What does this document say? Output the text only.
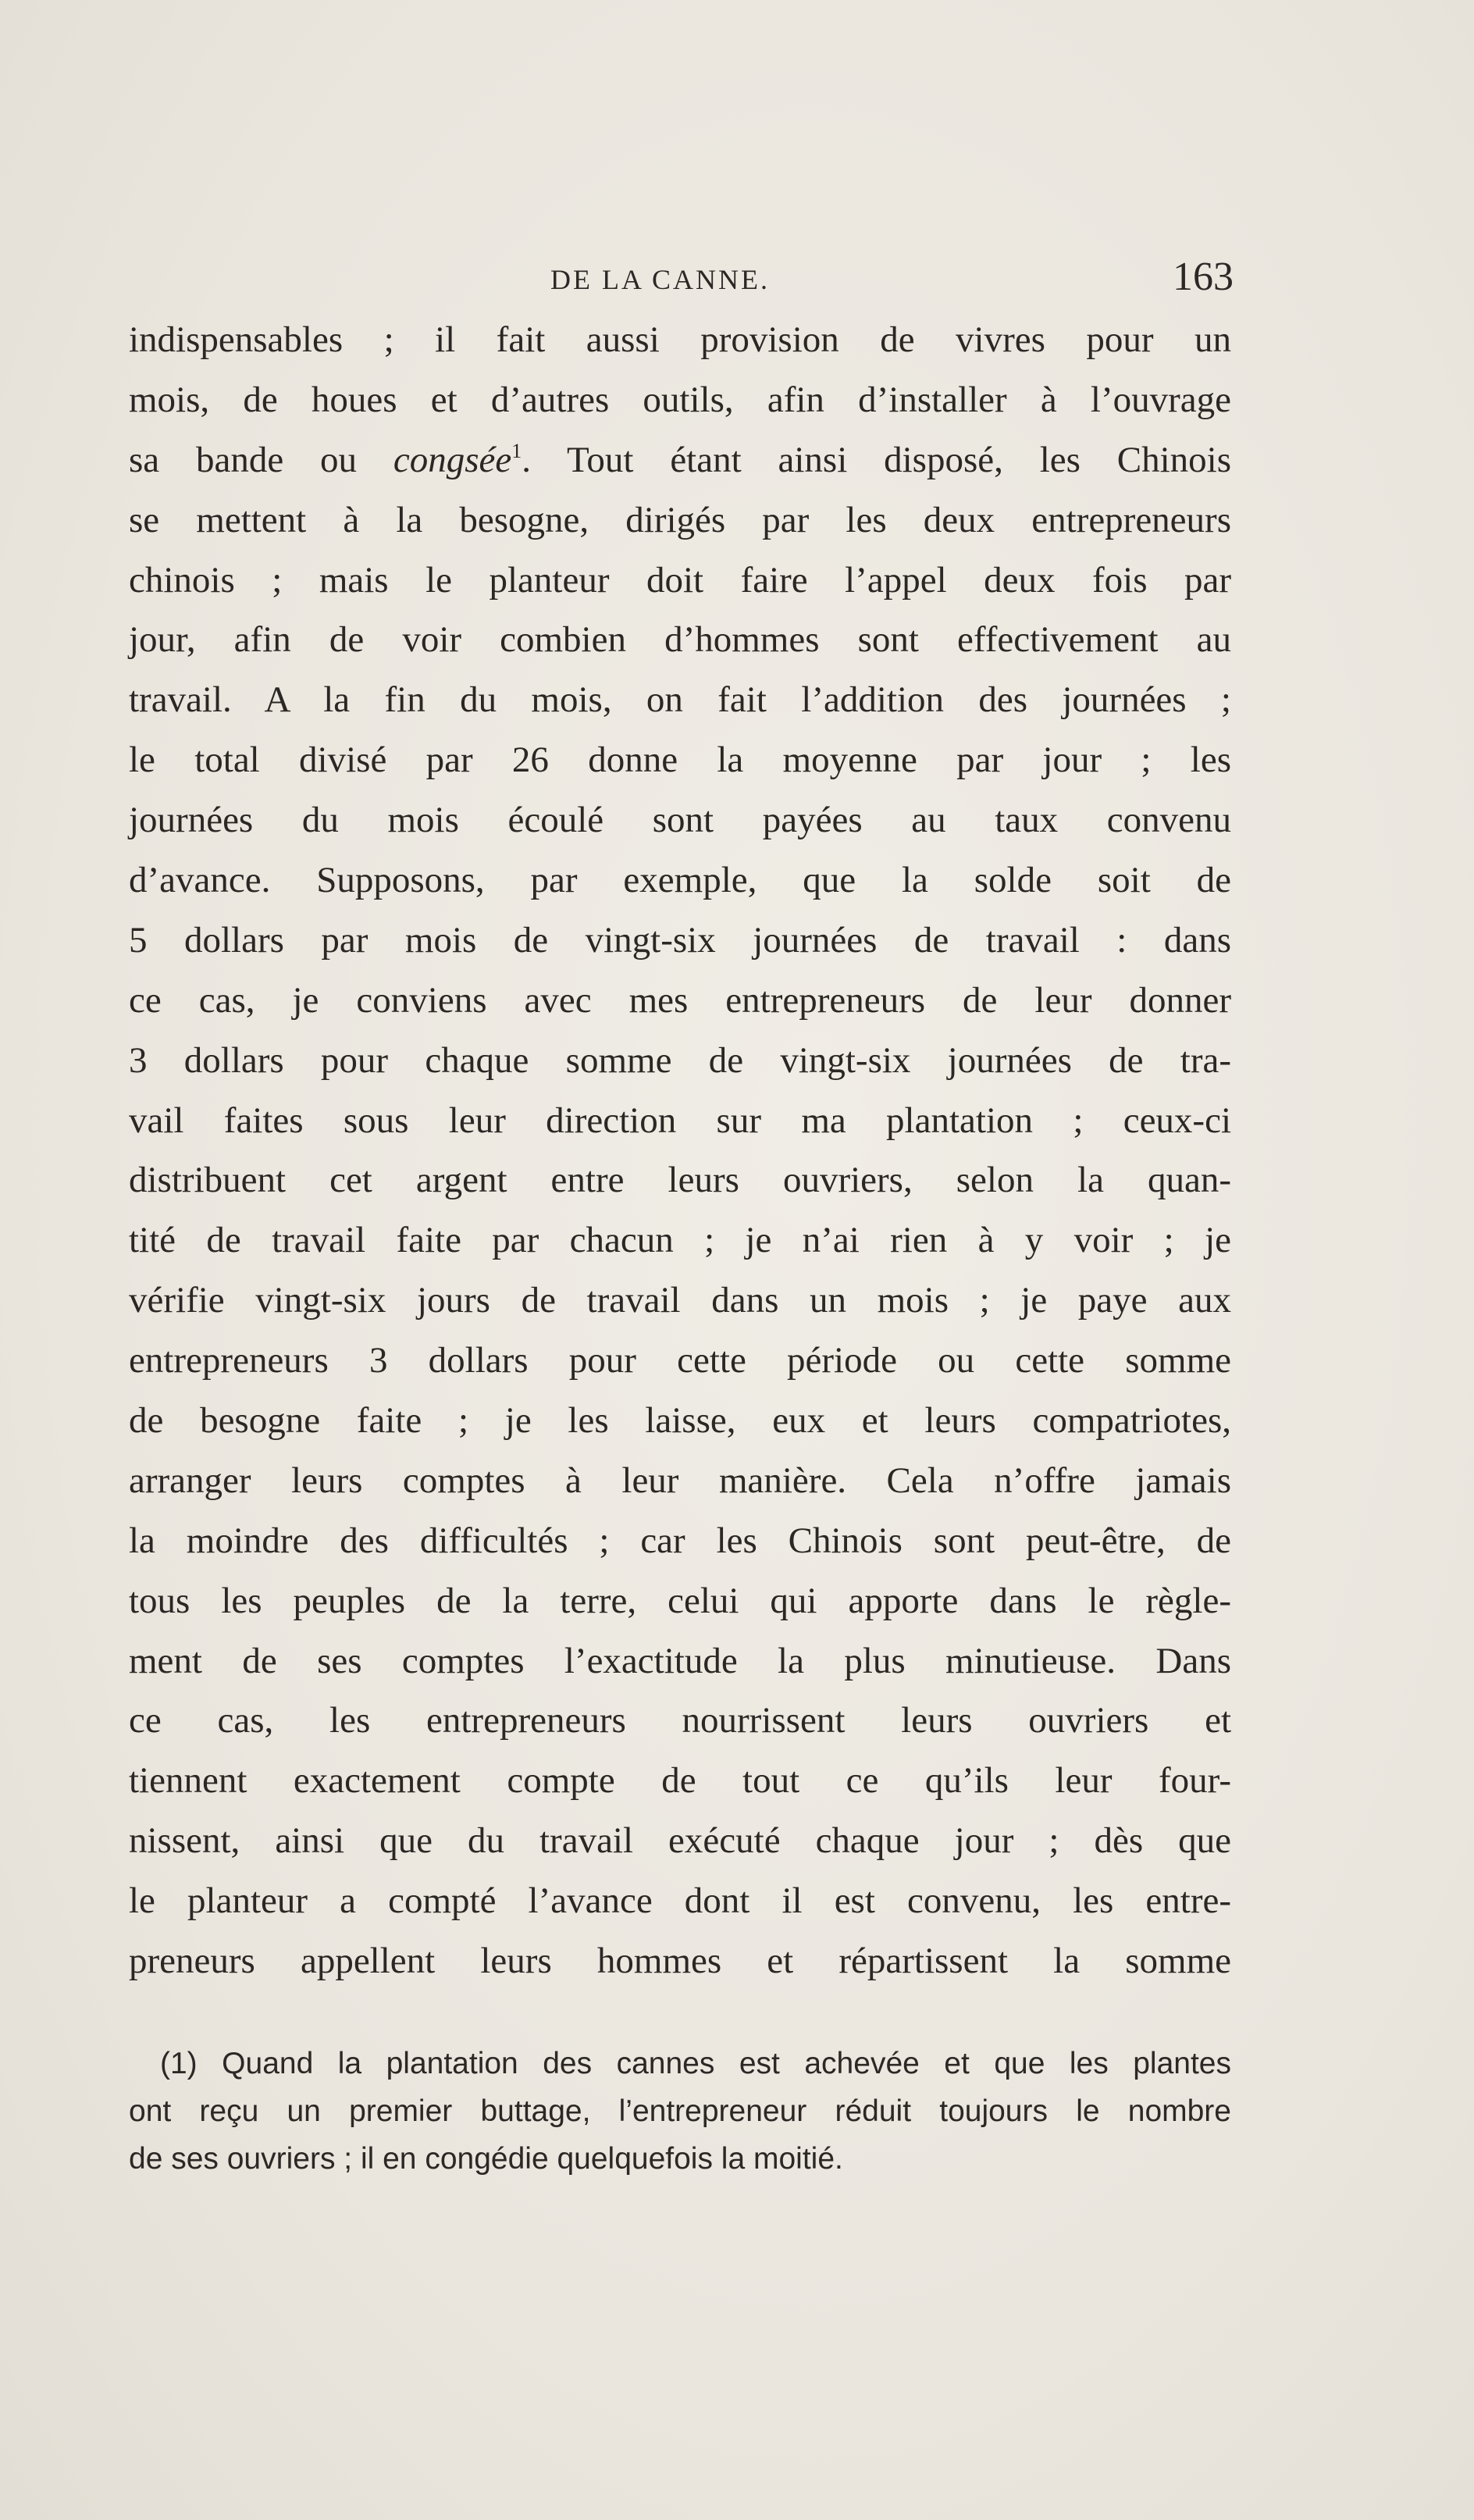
DE LA CANNE.	163
indispensables ; il fait aussi provision de vivres pour un
mois, de houes et d’autres outils, afin d’installer à l’ouvrage
sa bande ou congsée$^1$. Tout étant ainsi disposé, les Chinois
se mettent à la besogne, dirigés par les deux entrepreneurs
chinois ; mais le planteur doit faire l’appel deux fois par
jour, afin de voir combien d’hommes sont effectivement au
travail. A la fin du mois, on fait l’addition des journées ;
le total divisé par 26 donne la moyenne par jour ; les
journées du mois écoulé sont payées au taux convenu
d’avance. Supposons, par exemple, que la solde soit de
5 dollars par mois de vingt-six journées de travail : dans
ce cas, je conviens avec mes entrepreneurs de leur donner
3 dollars pour chaque somme de vingt-six journées de tra-
vail faites sous leur direction sur ma plantation ; ceux-ci
distribuent cet argent entre leurs ouvriers, selon la quan-
tité de travail faite par chacun ; je n’ai rien à y voir ; je
vérifie vingt-six jours de travail dans un mois ; je paye aux
entrepreneurs 3 dollars pour cette période ou cette somme
de besogne faite ; je les laisse, eux et leurs compatriotes,
arranger leurs comptes à leur manière. Cela n’offre jamais
la moindre des difficultés ; car les Chinois sont peut-être, de
tous les peuples de la terre, celui qui apporte dans le règle-
ment de ses comptes l’exactitude la plus minutieuse. Dans
ce cas, les entrepreneurs nourrissent leurs ouvriers et
tiennent exactement compte de tout ce qu’ils leur four-
nissent, ainsi que du travail exécuté chaque jour ; dès que
le planteur a compté l’avance dont il est convenu, les entre-
preneurs appellent leurs hommes et répartissent la somme
(1) Quand la plantation des cannes est achevée et que les plantes
ont reçu un premier buttage, l’entrepreneur réduit toujours le nombre
de ses ouvriers ; il en congédie quelquefois la moitié.
